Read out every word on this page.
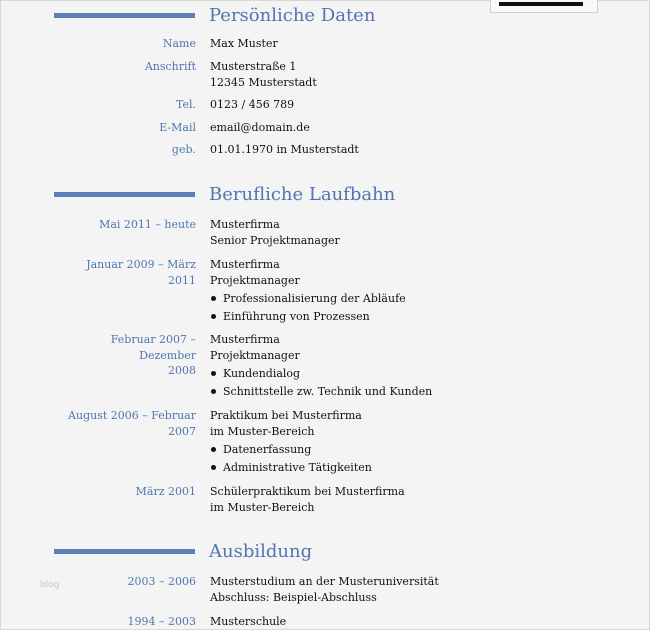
Persönliche Daten
Name Max Muster
Anschrift Musterstraße 1
12345 Musterstadt
Tel. 0123 / 456 789
E-Mail email@domain.de
geb. 01.01.1970 in Musterstadt
Berufliche Laufbahn
Mai 2011 – heute Musterfirma
Senior Projektmanager
Januar 2009 – März 2011
Musterfirma
Projektmanager
Professionalisierung der Abläufe
Einführung von Prozessen
Februar 2007 – Dezember
2008
Musterfirma
Projektmanager
Kundendialog
Schnittstelle zw. Technik und Kunden
August 2006 – Februar
2007
Praktikum bei Musterfirma
im Muster-Bereich
Datenerfassung
Administrative Tätigkeiten
März 2001 Schülerpraktikum bei Musterfirma
im Muster-Bereich
Ausbildung
2003 – 2006 Musterstudium an der Musteruniversität
Abschluss: Beispiel-Abschluss
1994 – 2003 Musterschule
blog
